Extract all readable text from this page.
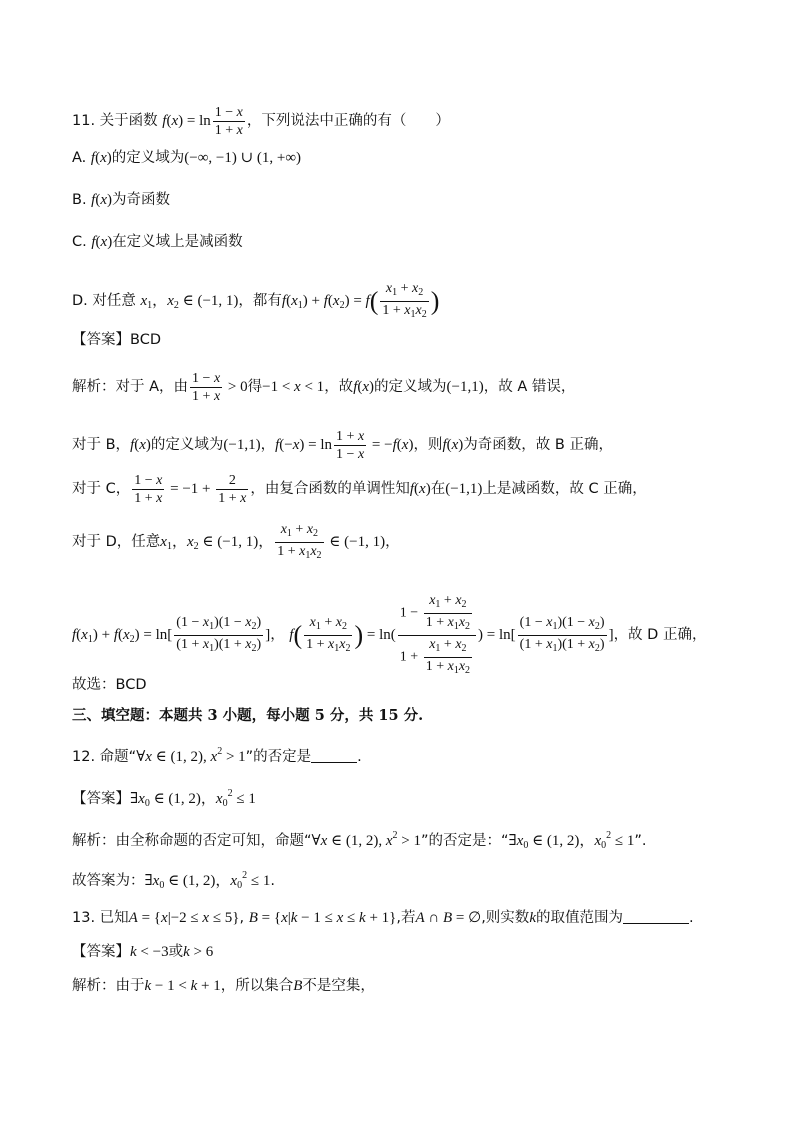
11. 关于函数 $f(x) = \ln \frac{1 - x}{1 + x}$ ，下列说法中正确的有（　　）
A. f(x)的定义域为(−∞, −1) ∪ (1, +∞)
B. f(x)为奇函数
C. f(x)在定义域上是减函数
D. 对任意 $x_1$，$x_2$ ∈ (−1, 1)，都有$f(x_1) + f(x_2) = f( \frac{x_1 + x_2}{1 + x_1x_2}$ )
【答案】BCD
解析：对于 A，由 $\frac{1 - x}{1 + x} > 0$得−1 < x < 1，故f(x)的定义域为(−1,1)，故 A 错误，
对于 B，f(x)的定义域为(−1,1)，$f(-x) = \ln \frac{1 + x}{1 - x} = -f(x)$，则f(x)为奇函数，故 B 正确，
对于 C， $\frac{1 - x}{1 + x} = -1 + \frac{2}{1 + x}$ ，由复合函数的单调性知f(x)在(−1,1)上是减函数，故 C 正确，
对于 D，任意$x_1$，$x_2$ ∈ (−1, 1)， $\frac{x_1 + x_2}{1 + x_1x_2}$ ∈ (−1, 1)，
$f(x_1) + f(x_2) = \ln[ \frac{(1 - x_1)(1 - x_2)}{(1 + x_1)(1 + x_2)}$ ]， $f( \frac{x_1 + x_2}{1 + x_1x_2}$ ) = $\ln( \frac{1 - \frac{x_1 + x_2}{1 + x_1x_2}}{1 + \frac{x_1 + x_2}{1 + x_1x_2}}$ ) = $\ln[ \frac{(1 - x_1)(1 - x_2)}{(1 + x_1)(1 + x_2)}$ ]，故 D 正确，
故选：BCD
三、填空题：本题共 3 小题，每小题 5 分，共 15 分.
12. 命题“∀x ∈ (1, 2), $x^2 > 1$”的否定是	.
【答案】$\exists x_0$ ∈ (1, 2)，$x_0^2 \le 1$
解析：由全称命题的否定可知，命题“∀x ∈ (1, 2), $x^2 > 1$”的否定是：“$\exists x_0$ ∈ (1, 2)，$x_0^2 \le 1$”.
故答案为：$\exists x_0$ ∈ (1, 2)，$x_0^2 \le 1$.
13. 已知A = {x|−2 ≤ x ≤ 5}, B = {x|k − 1 ≤ x ≤ k + 1},若A ∩ B = ∅,则实数k的取值范围为	.
【答案】k < −3或k > 6
解析：由于k − 1 < k + 1，所以集合B不是空集，
